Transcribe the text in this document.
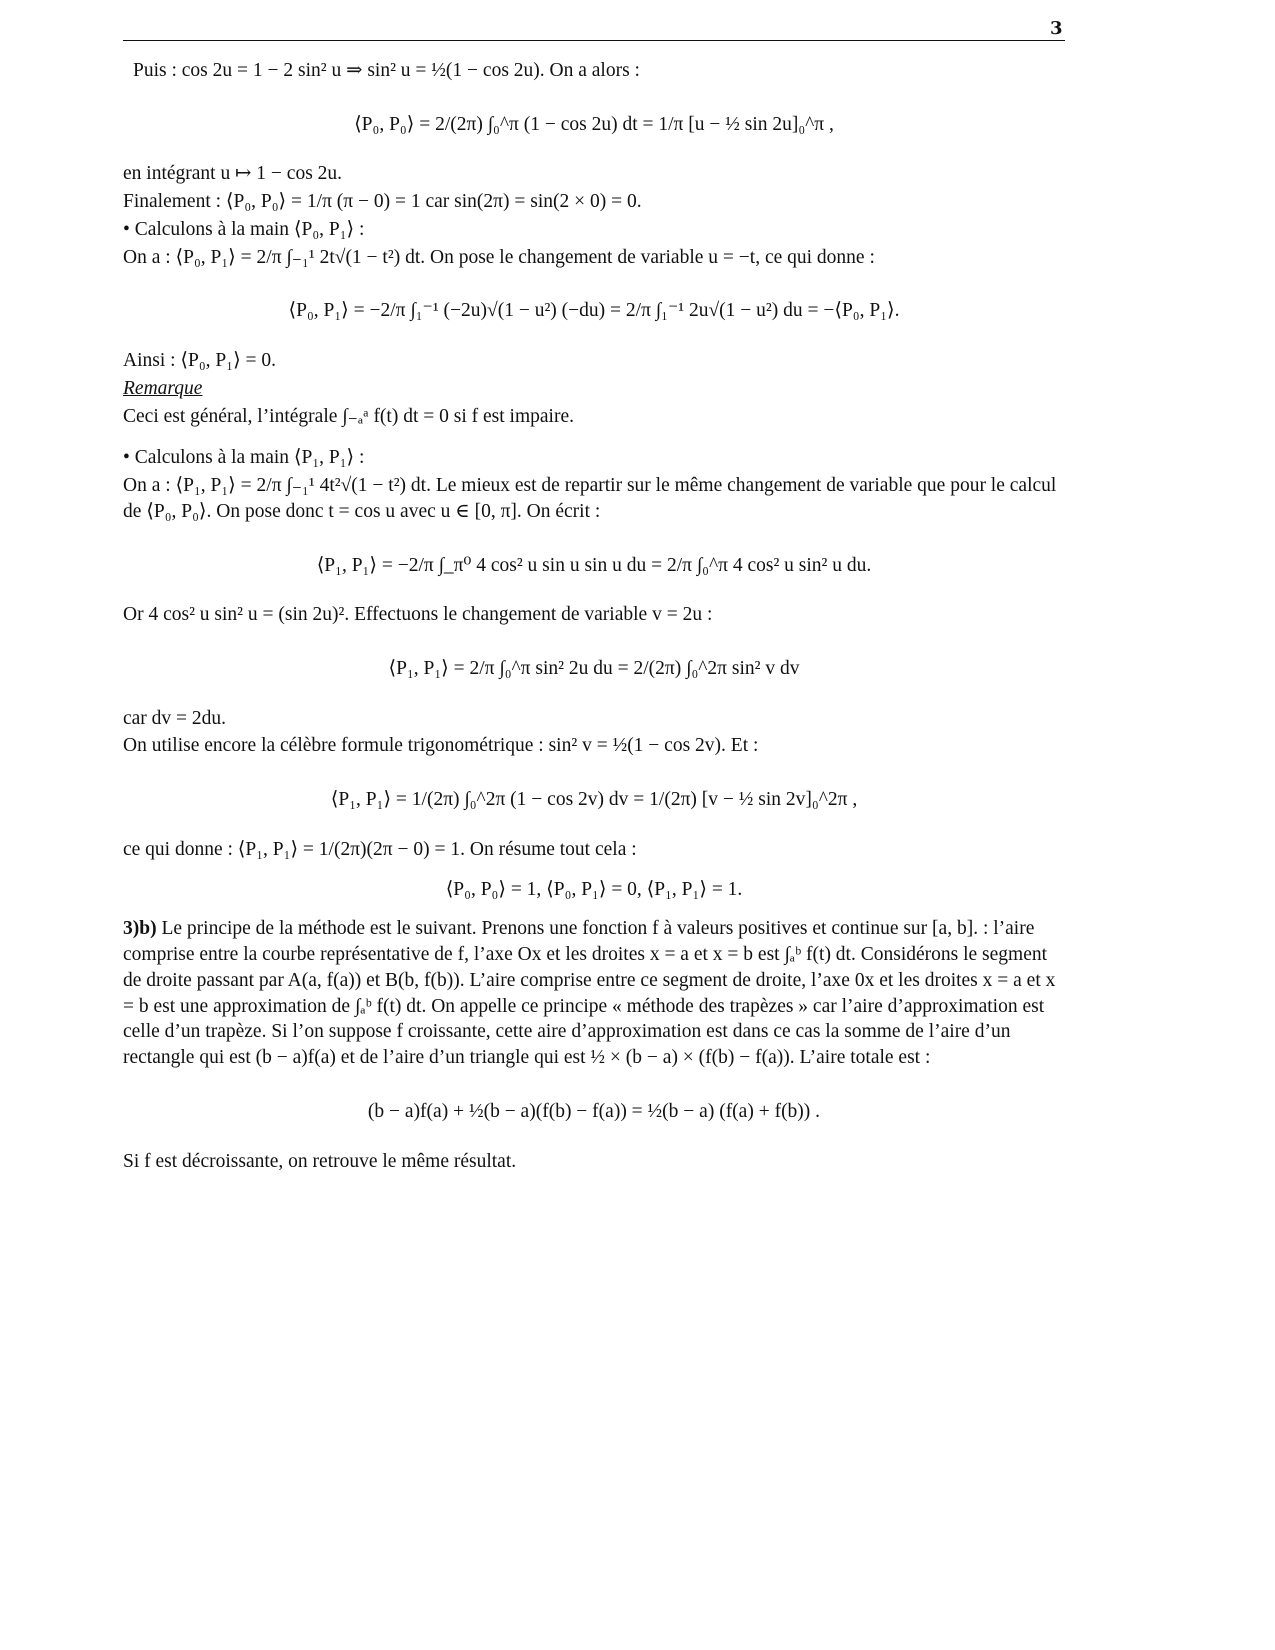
3
Puis : cos 2u = 1 − 2 sin² u ⇒ sin² u = ½(1 − cos 2u). On a alors :
⟨P₀, P₀⟩ = 2/(2π) ∫₀^π (1 − cos 2u) dt = 1/π [u − ½ sin 2u]₀^π ,
en intégrant u ↦ 1 − cos 2u.
Finalement : ⟨P₀, P₀⟩ = 1/π (π − 0) = 1 car sin(2π) = sin(2 × 0) = 0.
• Calculons à la main ⟨P₀, P₁⟩ :
On a : ⟨P₀, P₁⟩ = 2/π ∫₋₁¹ 2t√(1 − t²) dt. On pose le changement de variable u = −t, ce qui donne :
⟨P₀, P₁⟩ = −2/π ∫₁⁻¹ (−2u)√(1 − u²) (−du) = 2/π ∫₁⁻¹ 2u√(1 − u²) du = −⟨P₀, P₁⟩.
Ainsi : ⟨P₀, P₁⟩ = 0.
Remarque
Ceci est général, l’intégrale ∫₋ₐᵃ f(t) dt = 0 si f est impaire.
• Calculons à la main ⟨P₁, P₁⟩ :
On a : ⟨P₁, P₁⟩ = 2/π ∫₋₁¹ 4t²√(1 − t²) dt. Le mieux est de repartir sur le même changement de variable que pour le calcul de ⟨P₀, P₀⟩. On pose donc t = cos u avec u ∈ [0, π]. On écrit :
⟨P₁, P₁⟩ = −2/π ∫_π⁰ 4 cos² u sin u sin u du = 2/π ∫₀^π 4 cos² u sin² u du.
Or 4 cos² u sin² u = (sin 2u)². Effectuons le changement de variable v = 2u :
⟨P₁, P₁⟩ = 2/π ∫₀^π sin² 2u du = 2/(2π) ∫₀^2π sin² v dv
car dv = 2du.
On utilise encore la célèbre formule trigonométrique : sin² v = ½(1 − cos 2v). Et :
⟨P₁, P₁⟩ = 1/(2π) ∫₀^2π (1 − cos 2v) dv = 1/(2π) [v − ½ sin 2v]₀^2π ,
ce qui donne : ⟨P₁, P₁⟩ = 1/(2π)(2π − 0) = 1. On résume tout cela :
⟨P₀, P₀⟩ = 1, ⟨P₀, P₁⟩ = 0, ⟨P₁, P₁⟩ = 1.
3)b) Le principe de la méthode est le suivant. Prenons une fonction f à valeurs positives et continue sur [a, b]. : l’aire comprise entre la courbe représentative de f, l’axe Ox et les droites x = a et x = b est ∫ₐᵇ f(t) dt. Considérons le segment de droite passant par A(a, f(a)) et B(b, f(b)). L’aire comprise entre ce segment de droite, l’axe 0x et les droites x = a et x = b est une approximation de ∫ₐᵇ f(t) dt. On appelle ce principe « méthode des trapèzes » car l’aire d’approximation est celle d’un trapèze. Si l’on suppose f croissante, cette aire d’approximation est dans ce cas la somme de l’aire d’un rectangle qui est (b − a)f(a) et de l’aire d’un triangle qui est ½ × (b − a) × (f(b) − f(a)). L’aire totale est :
(b − a)f(a) + ½(b − a)(f(b) − f(a)) = ½(b − a) (f(a) + f(b)) .
Si f est décroissante, on retrouve le même résultat.
